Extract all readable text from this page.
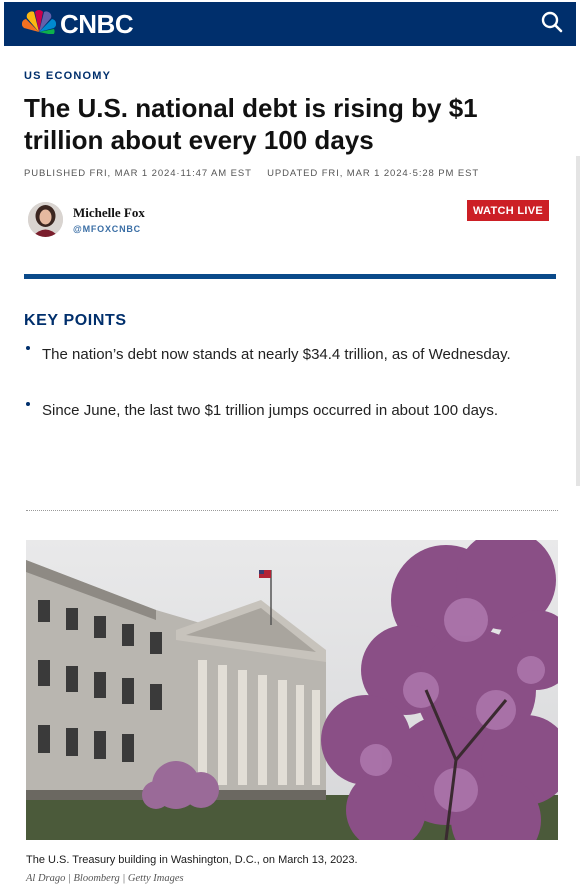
CNBC
US ECONOMY
The U.S. national debt is rising by $1 trillion about every 100 days
PUBLISHED FRI, MAR 1 2024·11:47 AM EST UPDATED FRI, MAR 1 2024·5:28 PM EST
Michelle Fox
@MFOXCNBC
WATCH LIVE
KEY POINTS
The nation’s debt now stands at nearly $34.4 trillion, as of Wednesday.
Since June, the last two $1 trillion jumps occurred in about 100 days.
The U.S. Treasury building in Washington, D.C., on March 13, 2023.
Al Drago | Bloomberg | Getty Images
